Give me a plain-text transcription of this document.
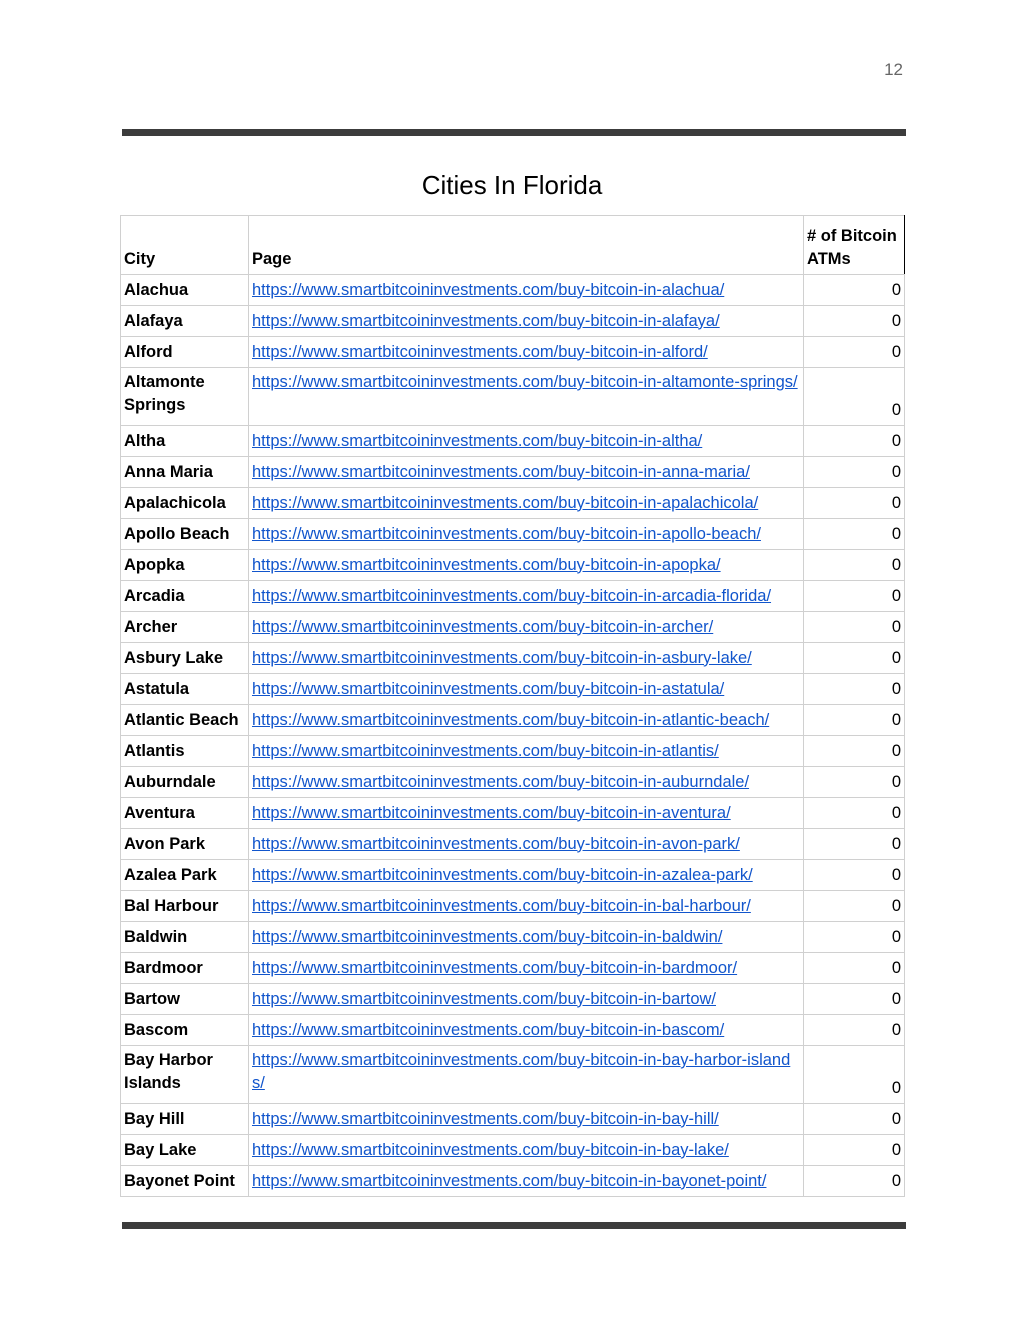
12
Cities In Florida
City	Page	# of Bitcoin ATMs
Alachua	https://www.smartbitcoininvestments.com/buy-bitcoin-in-alachua/	0
Alafaya	https://www.smartbitcoininvestments.com/buy-bitcoin-in-alafaya/	0
Alford	https://www.smartbitcoininvestments.com/buy-bitcoin-in-alford/	0
Altamonte Springs	https://www.smartbitcoininvestments.com/buy-bitcoin-in-altamonte-springs/	0
Altha	https://www.smartbitcoininvestments.com/buy-bitcoin-in-altha/	0
Anna Maria	https://www.smartbitcoininvestments.com/buy-bitcoin-in-anna-maria/	0
Apalachicola	https://www.smartbitcoininvestments.com/buy-bitcoin-in-apalachicola/	0
Apollo Beach	https://www.smartbitcoininvestments.com/buy-bitcoin-in-apollo-beach/	0
Apopka	https://www.smartbitcoininvestments.com/buy-bitcoin-in-apopka/	0
Arcadia	https://www.smartbitcoininvestments.com/buy-bitcoin-in-arcadia-florida/	0
Archer	https://www.smartbitcoininvestments.com/buy-bitcoin-in-archer/	0
Asbury Lake	https://www.smartbitcoininvestments.com/buy-bitcoin-in-asbury-lake/	0
Astatula	https://www.smartbitcoininvestments.com/buy-bitcoin-in-astatula/	0
Atlantic Beach	https://www.smartbitcoininvestments.com/buy-bitcoin-in-atlantic-beach/	0
Atlantis	https://www.smartbitcoininvestments.com/buy-bitcoin-in-atlantis/	0
Auburndale	https://www.smartbitcoininvestments.com/buy-bitcoin-in-auburndale/	0
Aventura	https://www.smartbitcoininvestments.com/buy-bitcoin-in-aventura/	0
Avon Park	https://www.smartbitcoininvestments.com/buy-bitcoin-in-avon-park/	0
Azalea Park	https://www.smartbitcoininvestments.com/buy-bitcoin-in-azalea-park/	0
Bal Harbour	https://www.smartbitcoininvestments.com/buy-bitcoin-in-bal-harbour/	0
Baldwin	https://www.smartbitcoininvestments.com/buy-bitcoin-in-baldwin/	0
Bardmoor	https://www.smartbitcoininvestments.com/buy-bitcoin-in-bardmoor/	0
Bartow	https://www.smartbitcoininvestments.com/buy-bitcoin-in-bartow/	0
Bascom	https://www.smartbitcoininvestments.com/buy-bitcoin-in-bascom/	0
Bay Harbor Islands	https://www.smartbitcoininvestments.com/buy-bitcoin-in-bay-harbor-islands/	0
Bay Hill	https://www.smartbitcoininvestments.com/buy-bitcoin-in-bay-hill/	0
Bay Lake	https://www.smartbitcoininvestments.com/buy-bitcoin-in-bay-lake/	0
Bayonet Point	https://www.smartbitcoininvestments.com/buy-bitcoin-in-bayonet-point/	0
